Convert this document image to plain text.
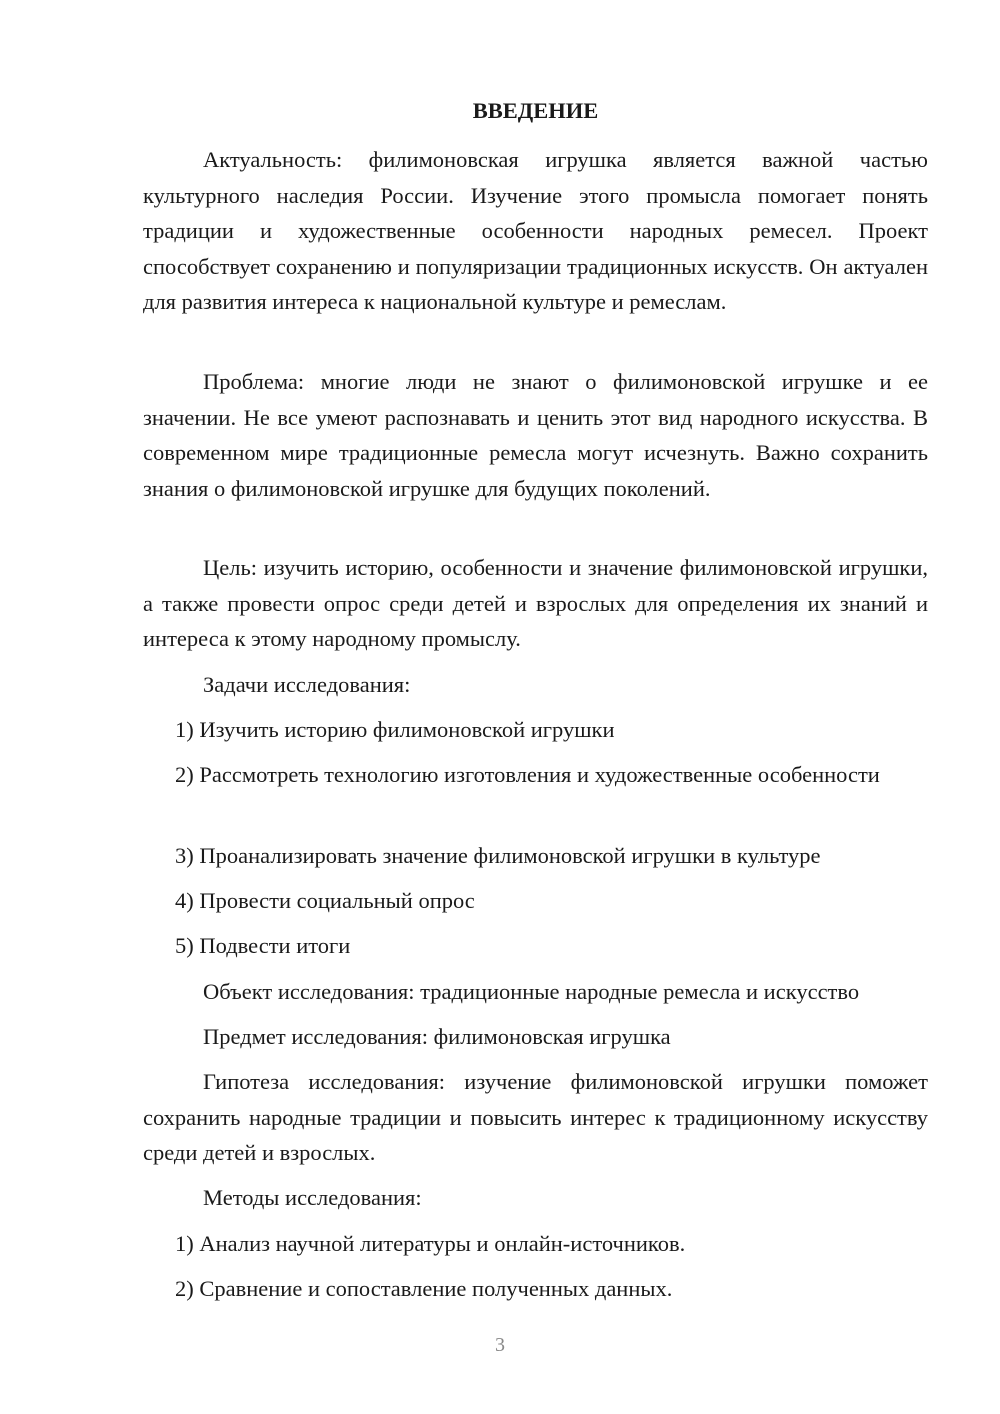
ВВЕДЕНИЕ

Актуальность: филимоновская игрушка является важной частью культурного наследия России. Изучение этого промысла помогает понять традиции и художественные особенности народных ремесел. Проект способствует сохранению и популяризации традиционных искусств. Он актуален для развития интереса к национальной культуре и ремеслам.

Проблема: многие люди не знают о филимоновской игрушке и ее значении. Не все умеют распознавать и ценить этот вид народного искусства. В современном мире традиционные ремесла могут исчезнуть. Важно сохранить знания о филимоновской игрушке для будущих поколений.

Цель: изучить историю, особенности и значение филимоновской игрушки, а также провести опрос среди детей и взрослых для определения их знаний и интереса к этому народному промыслу.

Задачи исследования:

1) Изучить историю филимоновской игрушки

2) Рассмотреть технологию изготовления и художественные особенности

3) Проанализировать значение филимоновской игрушки в культуре

4) Провести социальный опрос

5) Подвести итоги

Объект исследования: традиционные народные ремесла и искусство

Предмет исследования: филимоновская игрушка

Гипотеза исследования: изучение филимоновской игрушки поможет сохранить народные традиции и повысить интерес к традиционному искусству среди детей и взрослых.

Методы исследования:

1) Анализ научной литературы и онлайн-источников.

2) Сравнение и сопоставление полученных данных.

3
